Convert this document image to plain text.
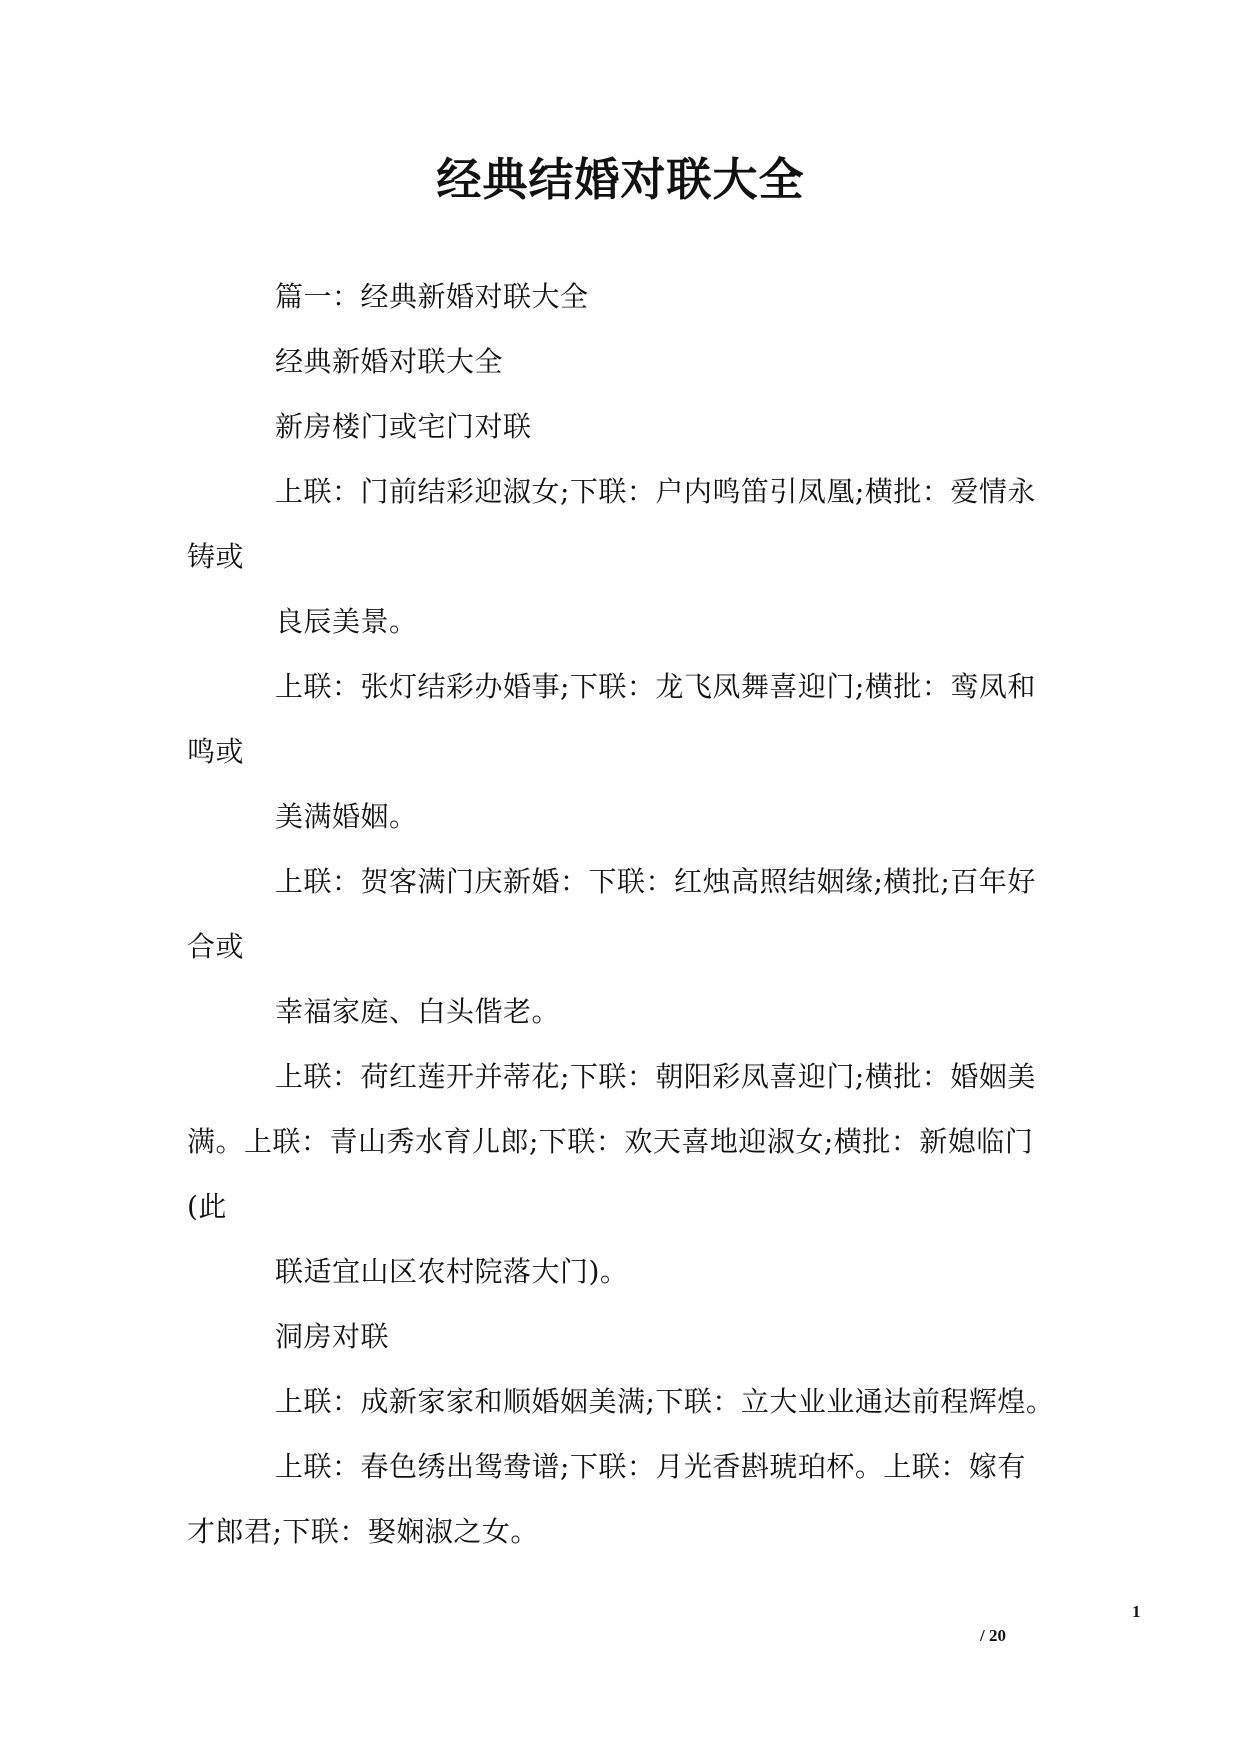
经典结婚对联大全
篇一：经典新婚对联大全
经典新婚对联大全
新房楼门或宅门对联
上联：门前结彩迎淑女;下联：户内鸣笛引凤凰;横批：爱情永
铸或
良辰美景。
上联：张灯结彩办婚事;下联：龙飞凤舞喜迎门;横批：鸾凤和
鸣或
美满婚姻。
上联：贺客满门庆新婚：下联：红烛高照结姻缘;横批;百年好
合或
幸福家庭、白头偕老。
上联：荷红莲开并蒂花;下联：朝阳彩凤喜迎门;横批：婚姻美
满。上联：青山秀水育儿郎;下联：欢天喜地迎淑女;横批：新媳临门
(此
联适宜山区农村院落大门)。
洞房对联
上联：成新家家和顺婚姻美满;下联：立大业业通达前程辉煌。
上联：春色绣出鸳鸯谱;下联：月光香斟琥珀杯。上联：嫁有
才郎君;下联：娶娴淑之女。
1
/ 20
